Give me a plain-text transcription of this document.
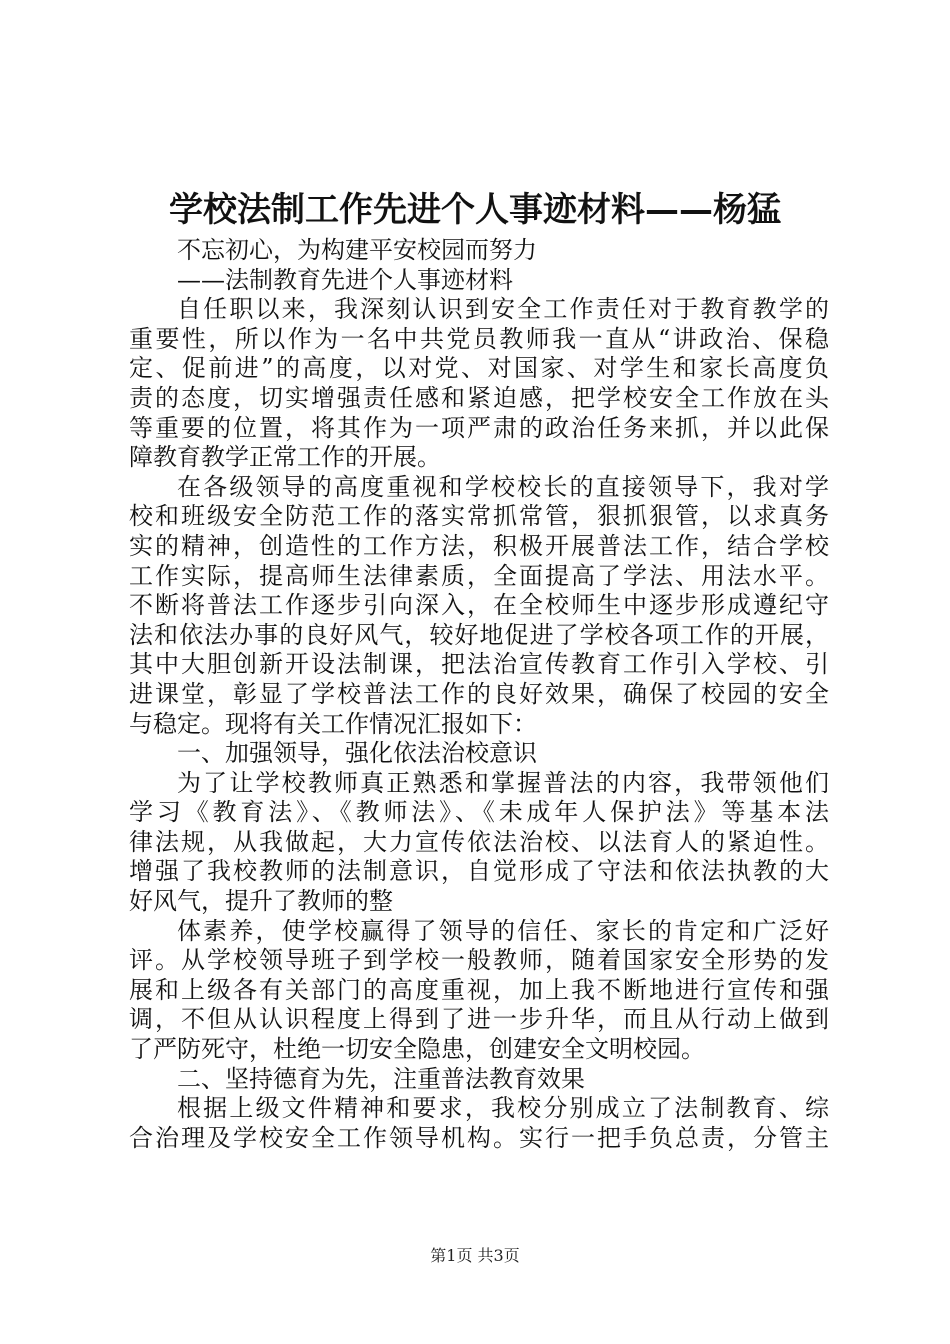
学校法制工作先进个人事迹材料——杨猛
不忘初心，为构建平安校园而努力
——法制教育先进个人事迹材料
自任职以来，我深刻认识到安全工作责任对于教育教学的
重要性，所以作为一名中共党员教师我一直从“讲政治、保稳
定、促前进”的高度，以对党、对国家、对学生和家长高度负
责的态度，切实增强责任感和紧迫感，把学校安全工作放在头
等重要的位置，将其作为一项严肃的政治任务来抓，并以此保
障教育教学正常工作的开展。
在各级领导的高度重视和学校校长的直接领导下，我对学
校和班级安全防范工作的落实常抓常管，狠抓狠管，以求真务
实的精神，创造性的工作方法，积极开展普法工作，结合学校
工作实际，提高师生法律素质，全面提高了学法、用法水平。
不断将普法工作逐步引向深入，在全校师生中逐步形成遵纪守
法和依法办事的良好风气，较好地促进了学校各项工作的开展，
其中大胆创新开设法制课，把法治宣传教育工作引入学校、引
进课堂，彰显了学校普法工作的良好效果，确保了校园的安全
与稳定。现将有关工作情况汇报如下：
一、加强领导，强化依法治校意识
为了让学校教师真正熟悉和掌握普法的内容，我带领他们
学习《教育法》、《教师法》、《未成年人保护法》等基本法
律法规，从我做起，大力宣传依法治校、以法育人的紧迫性。
增强了我校教师的法制意识，自觉形成了守法和依法执教的大
好风气，提升了教师的整
体素养，使学校赢得了领导的信任、家长的肯定和广泛好
评。从学校领导班子到学校一般教师，随着国家安全形势的发
展和上级各有关部门的高度重视，加上我不断地进行宣传和强
调，不但从认识程度上得到了进一步升华，而且从行动上做到
了严防死守，杜绝一切安全隐患，创建安全文明校园。
二、坚持德育为先，注重普法教育效果
根据上级文件精神和要求，我校分别成立了法制教育、综
合治理及学校安全工作领导机构。实行一把手负总责，分管主
第1页 共3页
